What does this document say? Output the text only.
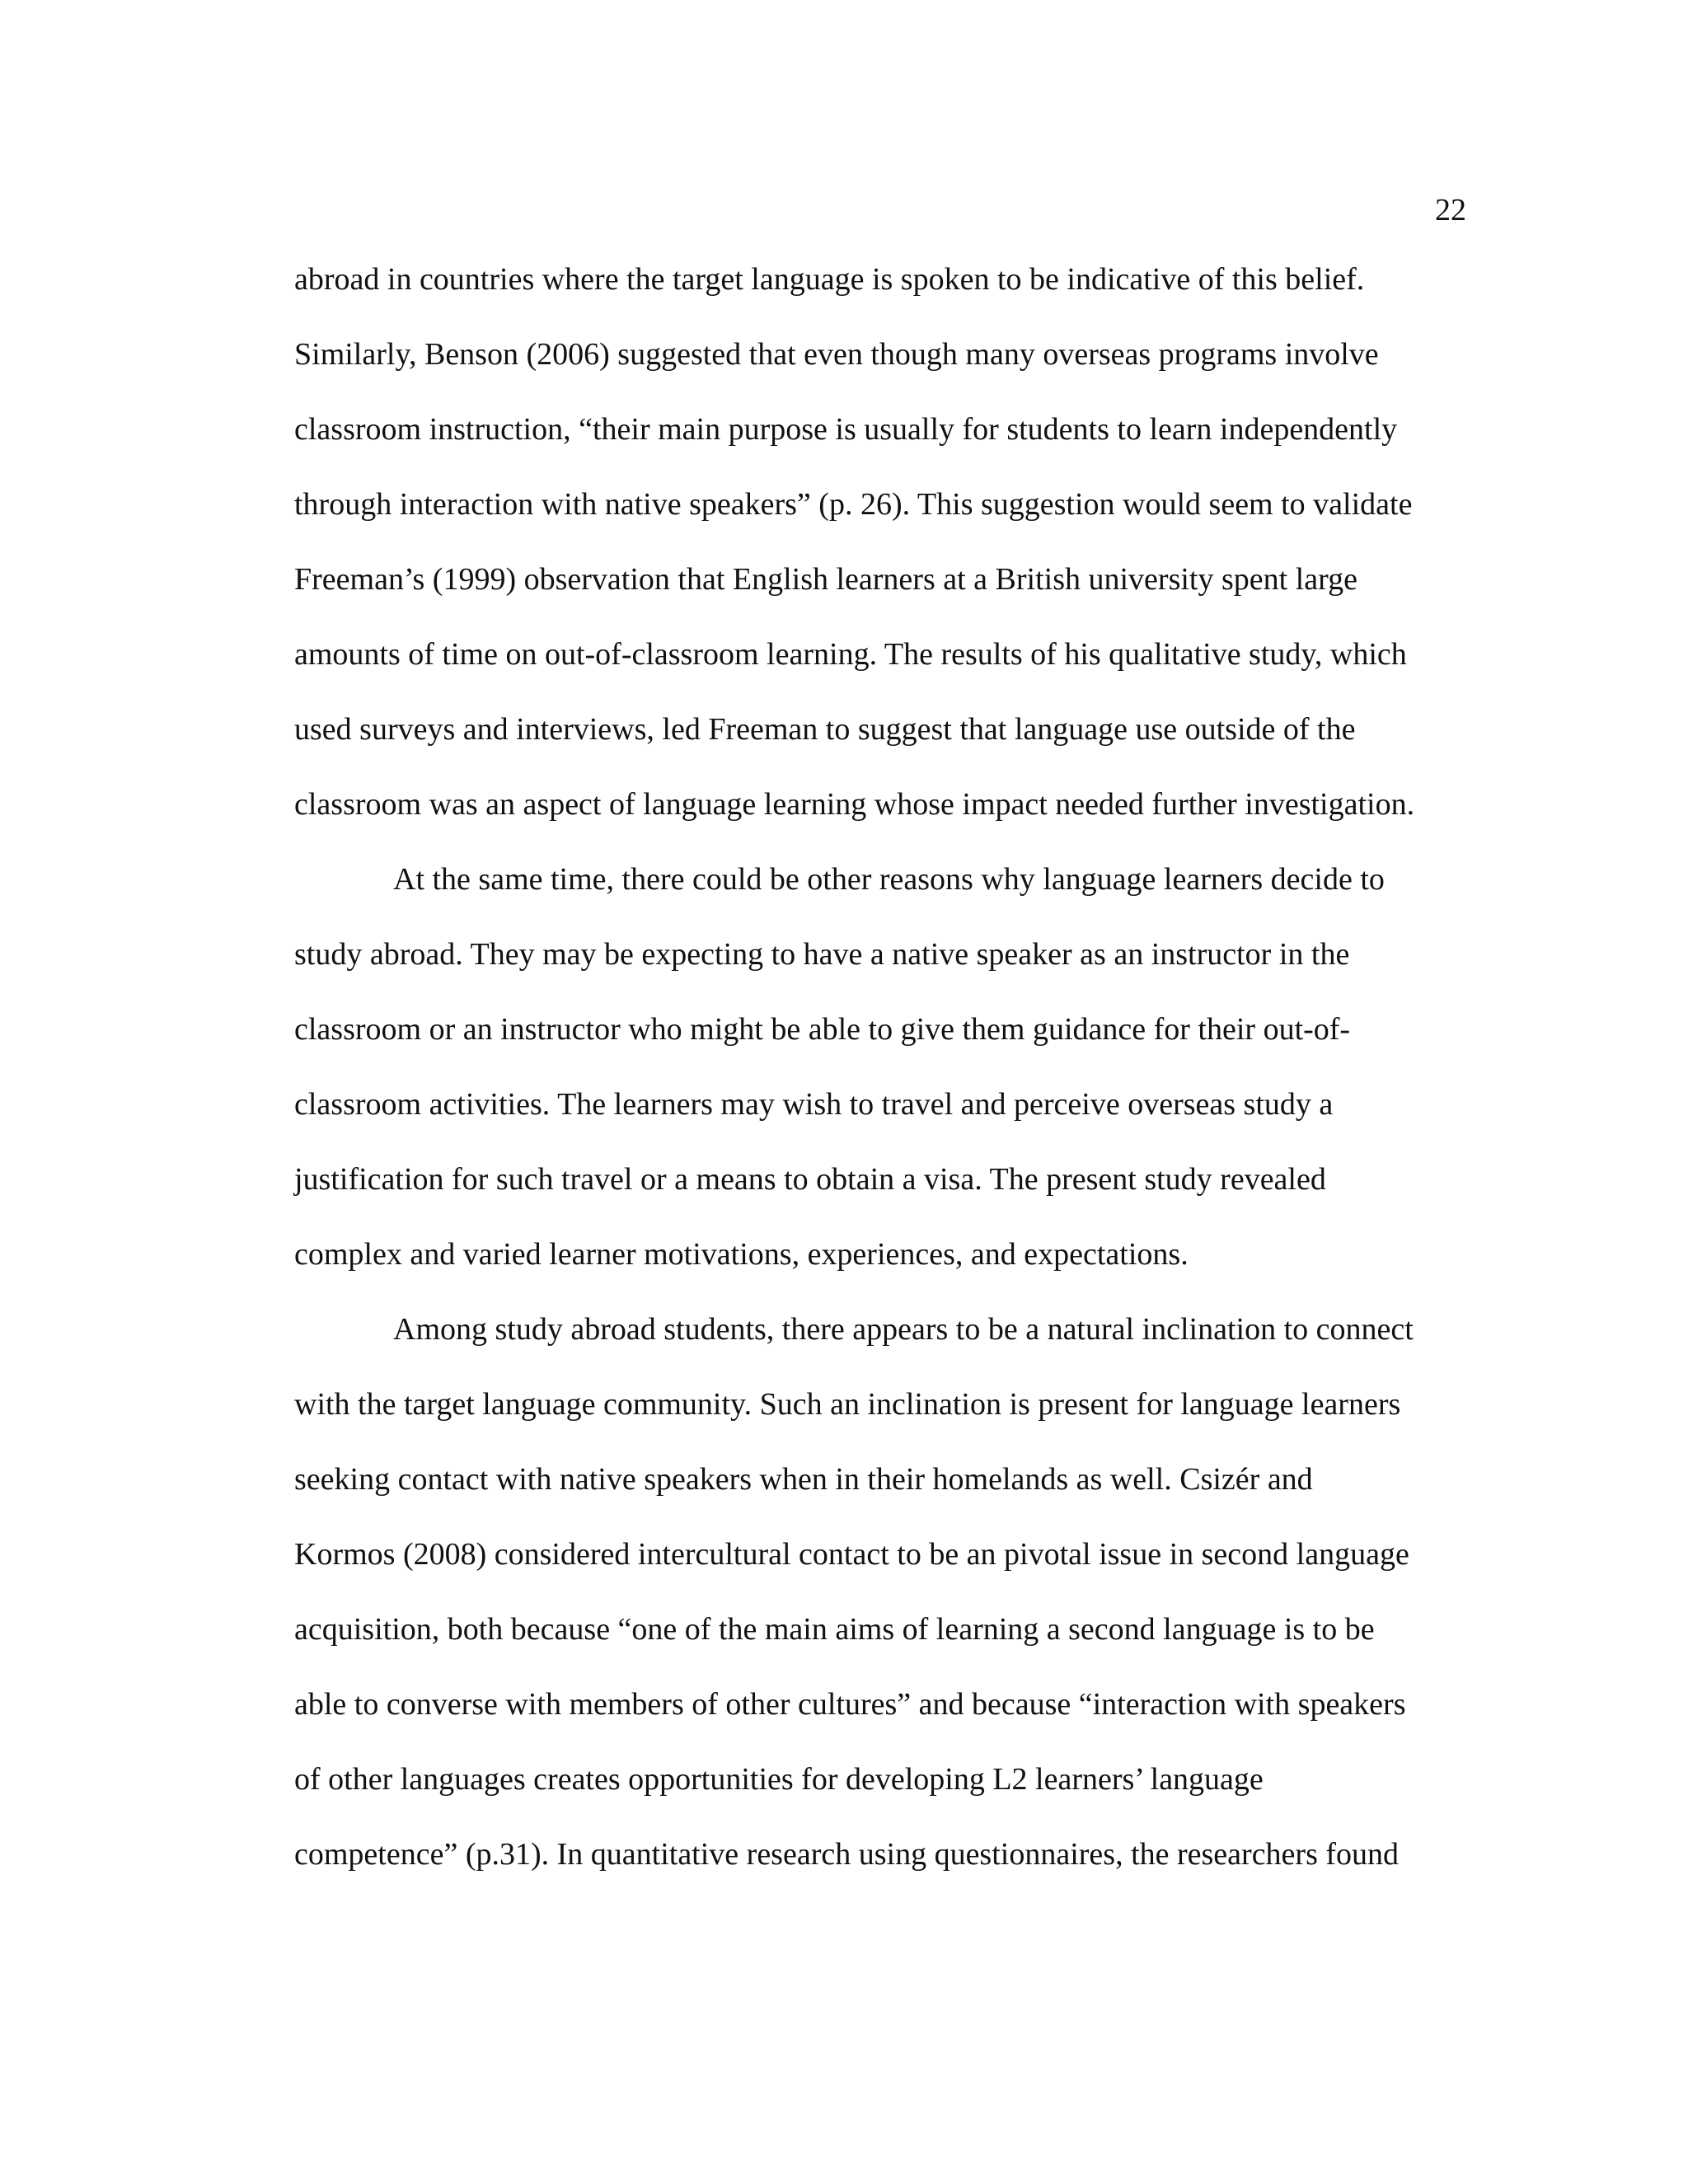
22
abroad in countries where the target language is spoken to be indicative of this belief.
Similarly, Benson (2006) suggested that even though many overseas programs involve
classroom instruction, “their main purpose is usually for students to learn independently
through interaction with native speakers” (p. 26). This suggestion would seem to validate
Freeman’s (1999) observation that English learners at a British university spent large
amounts of time on out-of-classroom learning. The results of his qualitative study, which
used surveys and interviews, led Freeman to suggest that language use outside of the
classroom was an aspect of language learning whose impact needed further investigation.
At the same time, there could be other reasons why language learners decide to
study abroad. They may be expecting to have a native speaker as an instructor in the
classroom or an instructor who might be able to give them guidance for their out-of-
classroom activities. The learners may wish to travel and perceive overseas study a
justification for such travel or a means to obtain a visa. The present study revealed
complex and varied learner motivations, experiences, and expectations.
Among study abroad students, there appears to be a natural inclination to connect
with the target language community. Such an inclination is present for language learners
seeking contact with native speakers when in their homelands as well. Csizér and
Kormos (2008) considered intercultural contact to be an pivotal issue in second language
acquisition, both because “one of the main aims of learning a second language is to be
able to converse with members of other cultures” and because “interaction with speakers
of other languages creates opportunities for developing L2 learners’ language
competence” (p.31). In quantitative research using questionnaires, the researchers found
